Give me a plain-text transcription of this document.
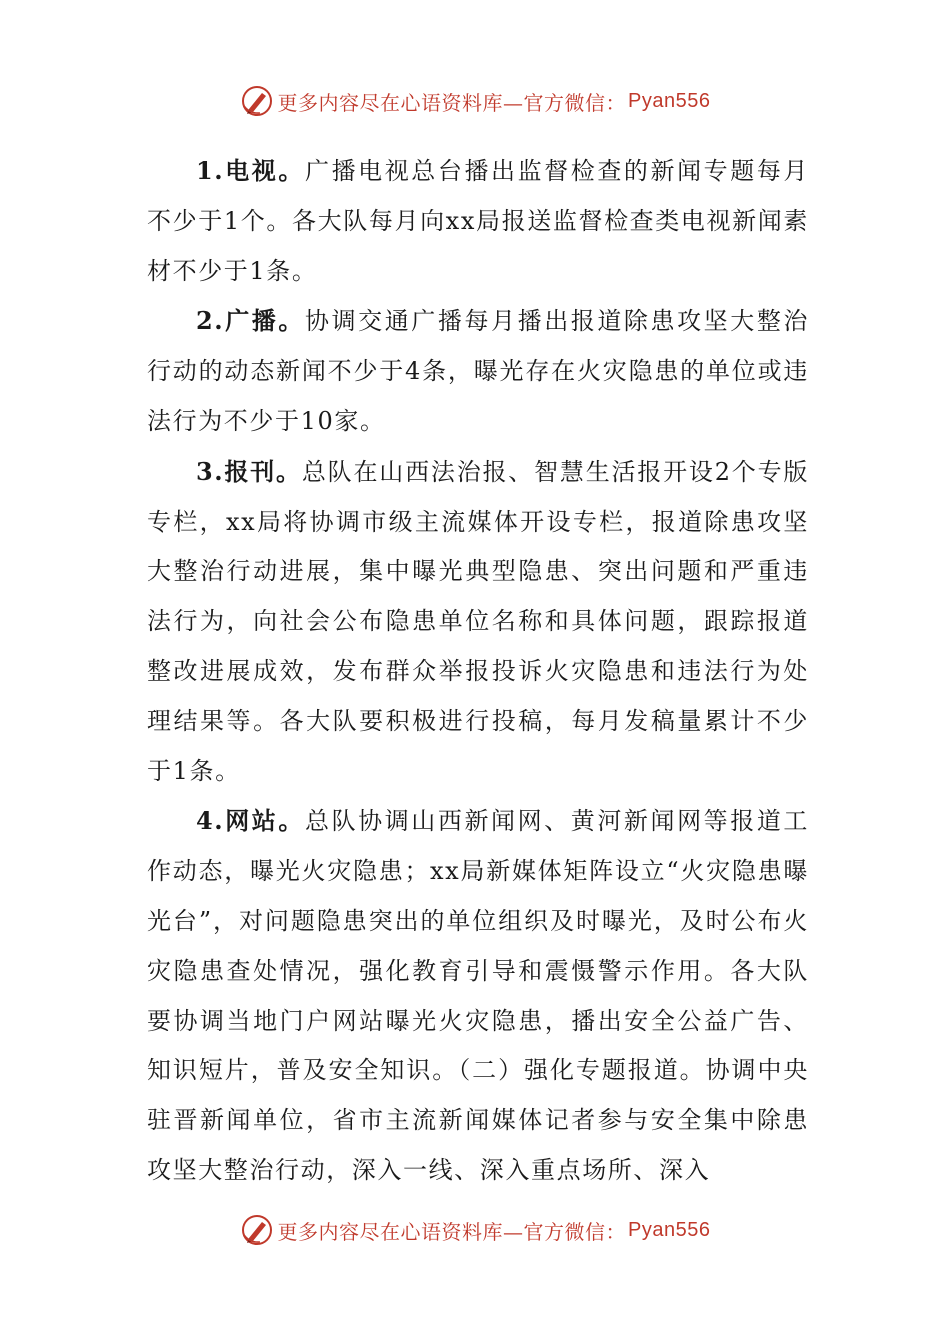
更多内容尽在心语资料库—官方微信： Pyan556

1.电视。广播电视总台播出监督检查的新闻专题每月不少于1个。各大队每月向xx局报送监督检查类电视新闻素材不少于1条。

2.广播。协调交通广播每月播出报道除患攻坚大整治行动的动态新闻不少于4条，曝光存在火灾隐患的单位或违法行为不少于10家。

3.报刊。总队在山西法治报、智慧生活报开设2个专版专栏，xx局将协调市级主流媒体开设专栏，报道除患攻坚大整治行动进展，集中曝光典型隐患、突出问题和严重违法行为，向社会公布隐患单位名称和具体问题，跟踪报道整改进展成效，发布群众举报投诉火灾隐患和违法行为处理结果等。各大队要积极进行投稿，每月发稿量累计不少于1条。

4.网站。总队协调山西新闻网、黄河新闻网等报道工作动态，曝光火灾隐患；xx局新媒体矩阵设立“火灾隐患曝光台”，对问题隐患突出的单位组织及时曝光，及时公布火灾隐患查处情况，强化教育引导和震慑警示作用。各大队要协调当地门户网站曝光火灾隐患，播出安全公益广告、知识短片，普及安全知识。（二）强化专题报道。协调中央驻晋新闻单位，省市主流新闻媒体记者参与安全集中除患攻坚大整治行动，深入一线、深入重点场所、深入

更多内容尽在心语资料库—官方微信： Pyan556
